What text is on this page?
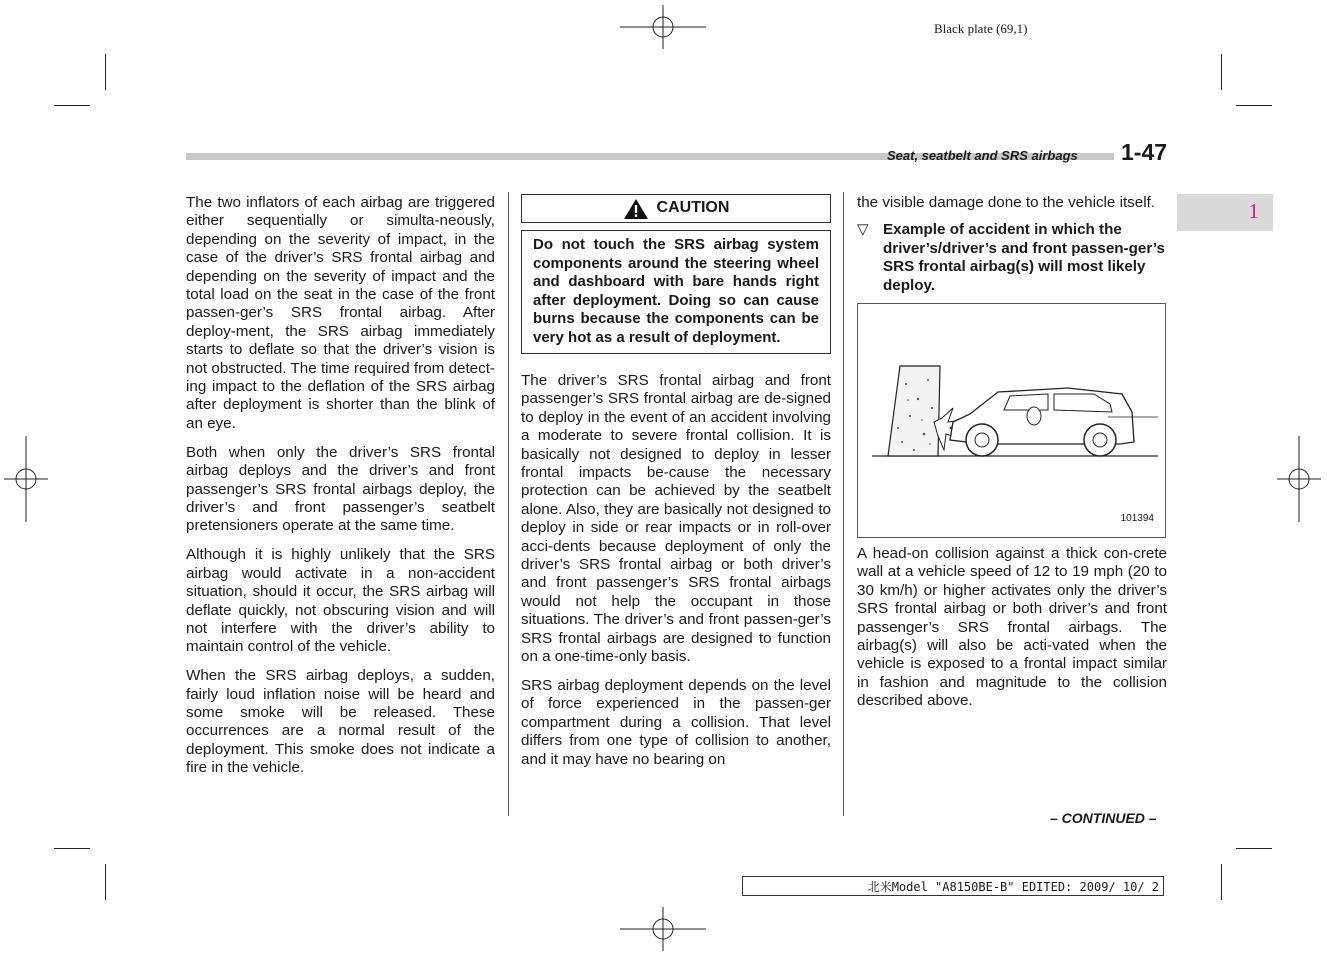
Black plate (69,1)
Seat, seatbelt and SRS airbags 1-47
1

The two inflators of each airbag are triggered either sequentially or simulta-neously, depending on the severity of impact, in the case of the driver’s SRS frontal airbag and depending on the severity of impact and the total load on the seat in the case of the front passen-ger’s SRS frontal airbag. After deploy-ment, the SRS airbag immediately starts to deflate so that the driver’s vision is not obstructed. The time required from detect-ing impact to the deflation of the SRS airbag after deployment is shorter than the blink of an eye.

Both when only the driver’s SRS frontal airbag deploys and the driver’s and front passenger’s SRS frontal airbags deploy, the driver’s and front passenger’s seatbelt pretensioners operate at the same time.

Although it is highly unlikely that the SRS airbag would activate in a non-accident situation, should it occur, the SRS airbag will deflate quickly, not obscuring vision and will not interfere with the driver’s ability to maintain control of the vehicle.

When the SRS airbag deploys, a sudden, fairly loud inflation noise will be heard and some smoke will be released. These occurrences are a normal result of the deployment. This smoke does not indicate a fire in the vehicle.

CAUTION
Do not touch the SRS airbag system components around the steering wheel and dashboard with bare hands right after deployment. Doing so can cause burns because the components can be very hot as a result of deployment.

The driver’s SRS frontal airbag and front passenger’s SRS frontal airbag are de-signed to deploy in the event of an accident involving a moderate to severe frontal collision. It is basically not designed to deploy in lesser frontal impacts be-cause the necessary protection can be achieved by the seatbelt alone. Also, they are basically not designed to deploy in side or rear impacts or in roll-over acci-dents because deployment of only the driver’s SRS frontal airbag or both driver’s and front passenger’s SRS frontal airbags would not help the occupant in those situations. The driver’s and front passen-ger’s SRS frontal airbags are designed to function on a one-time-only basis.

SRS airbag deployment depends on the level of force experienced in the passen-ger compartment during a collision. That level differs from one type of collision to another, and it may have no bearing on

the visible damage done to the vehicle itself.

▽ Example of accident in which the driver’s/driver’s and front passen-ger’s SRS frontal airbag(s) will most likely deploy.
101394

A head-on collision against a thick con-crete wall at a vehicle speed of 12 to 19 mph (20 to 30 km/h) or higher activates only the driver’s SRS frontal airbag or both driver’s and front passenger’s SRS frontal airbags. The airbag(s) will also be acti-vated when the vehicle is exposed to a frontal impact similar in fashion and magnitude to the collision described above.

– CONTINUED –
北米Model "A8150BE-B" EDITED: 2009/ 10/ 2
